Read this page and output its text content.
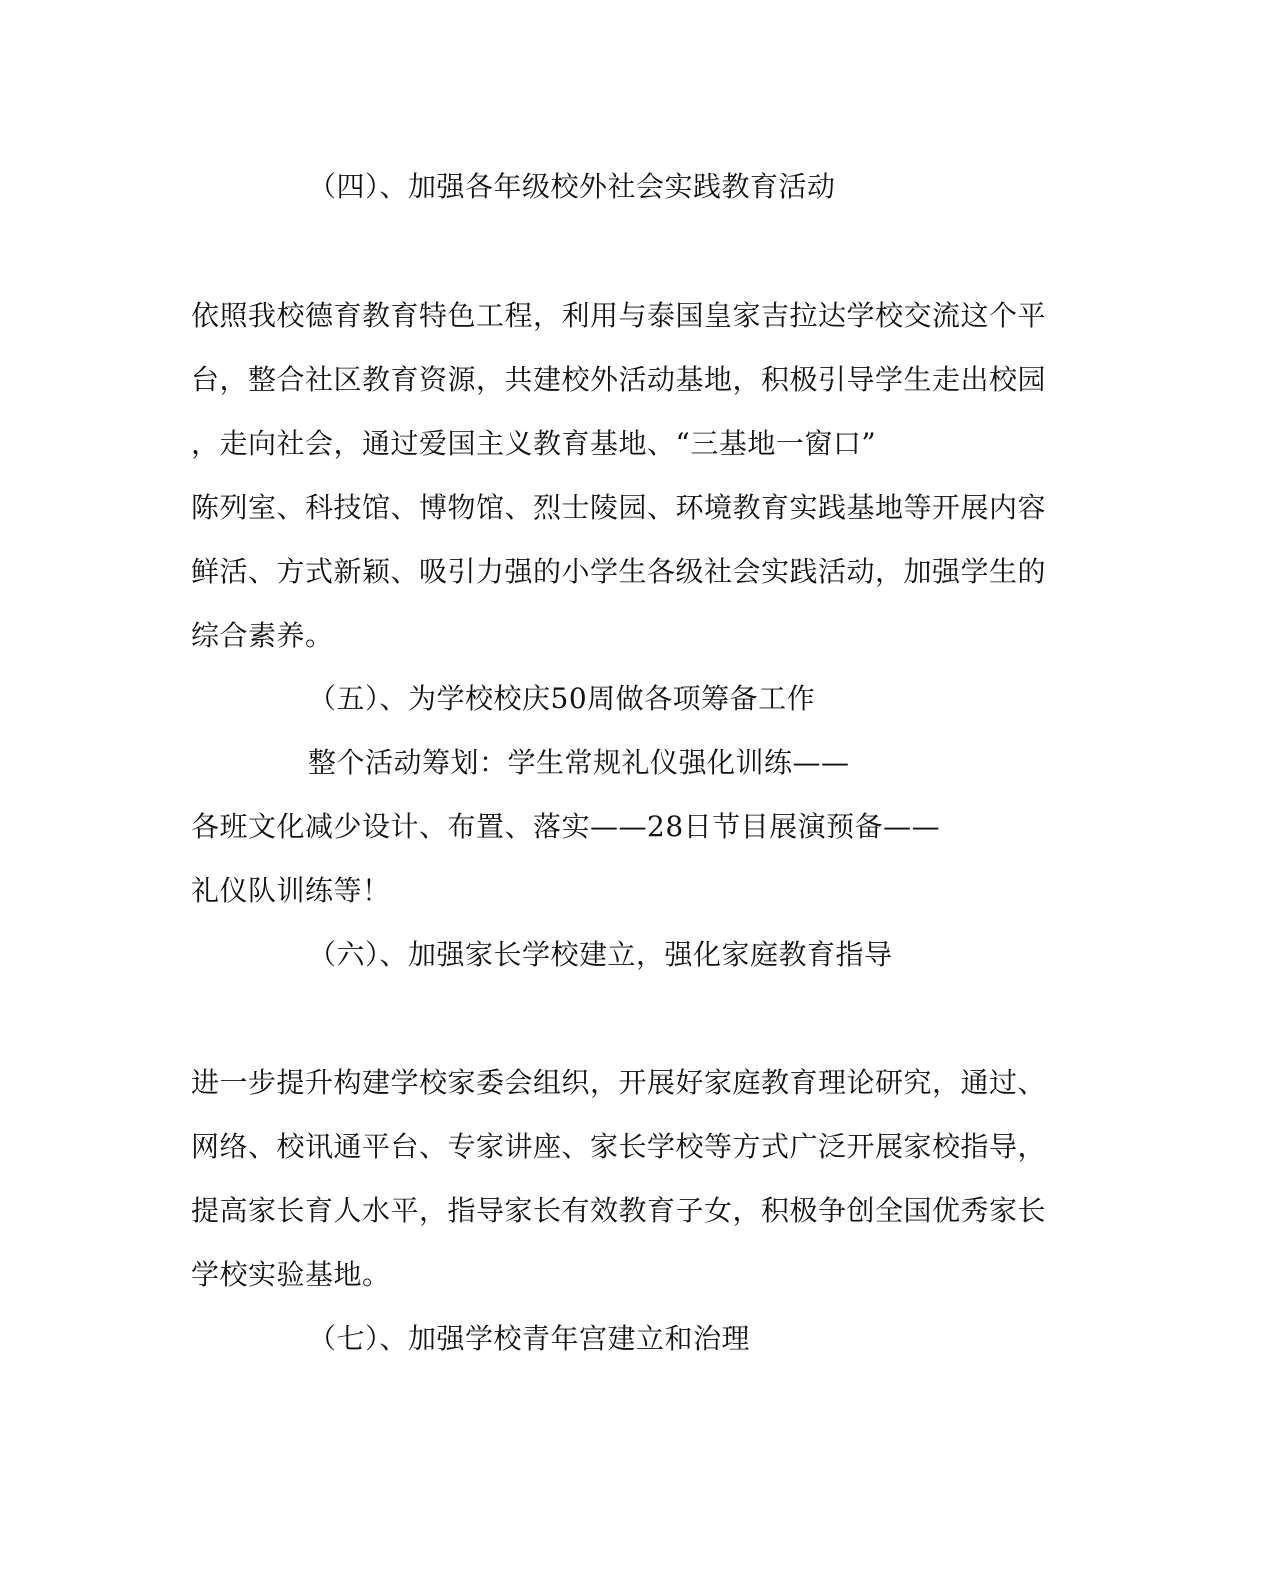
（四）、加强各年级校外社会实践教育活动
依照我校德育教育特色工程，利用与泰国皇家吉拉达学校交流这个平
台，整合社区教育资源，共建校外活动基地，积极引导学生走出校园
，走向社会，通过爱国主义教育基地、“三基地一窗口”
陈列室、科技馆、博物馆、烈士陵园、环境教育实践基地等开展内容
鲜活、方式新颖、吸引力强的小学生各级社会实践活动，加强学生的
综合素养。
（五）、为学校校庆50周做各项筹备工作
整个活动筹划：学生常规礼仪强化训练——
各班文化减少设计、布置、落实——28日节目展演预备——
礼仪队训练等！
（六）、加强家长学校建立，强化家庭教育指导
进一步提升构建学校家委会组织，开展好家庭教育理论研究，通过、
网络、校讯通平台、专家讲座、家长学校等方式广泛开展家校指导，
提高家长育人水平，指导家长有效教育子女，积极争创全国优秀家长
学校实验基地。
（七）、加强学校青年宫建立和治理
